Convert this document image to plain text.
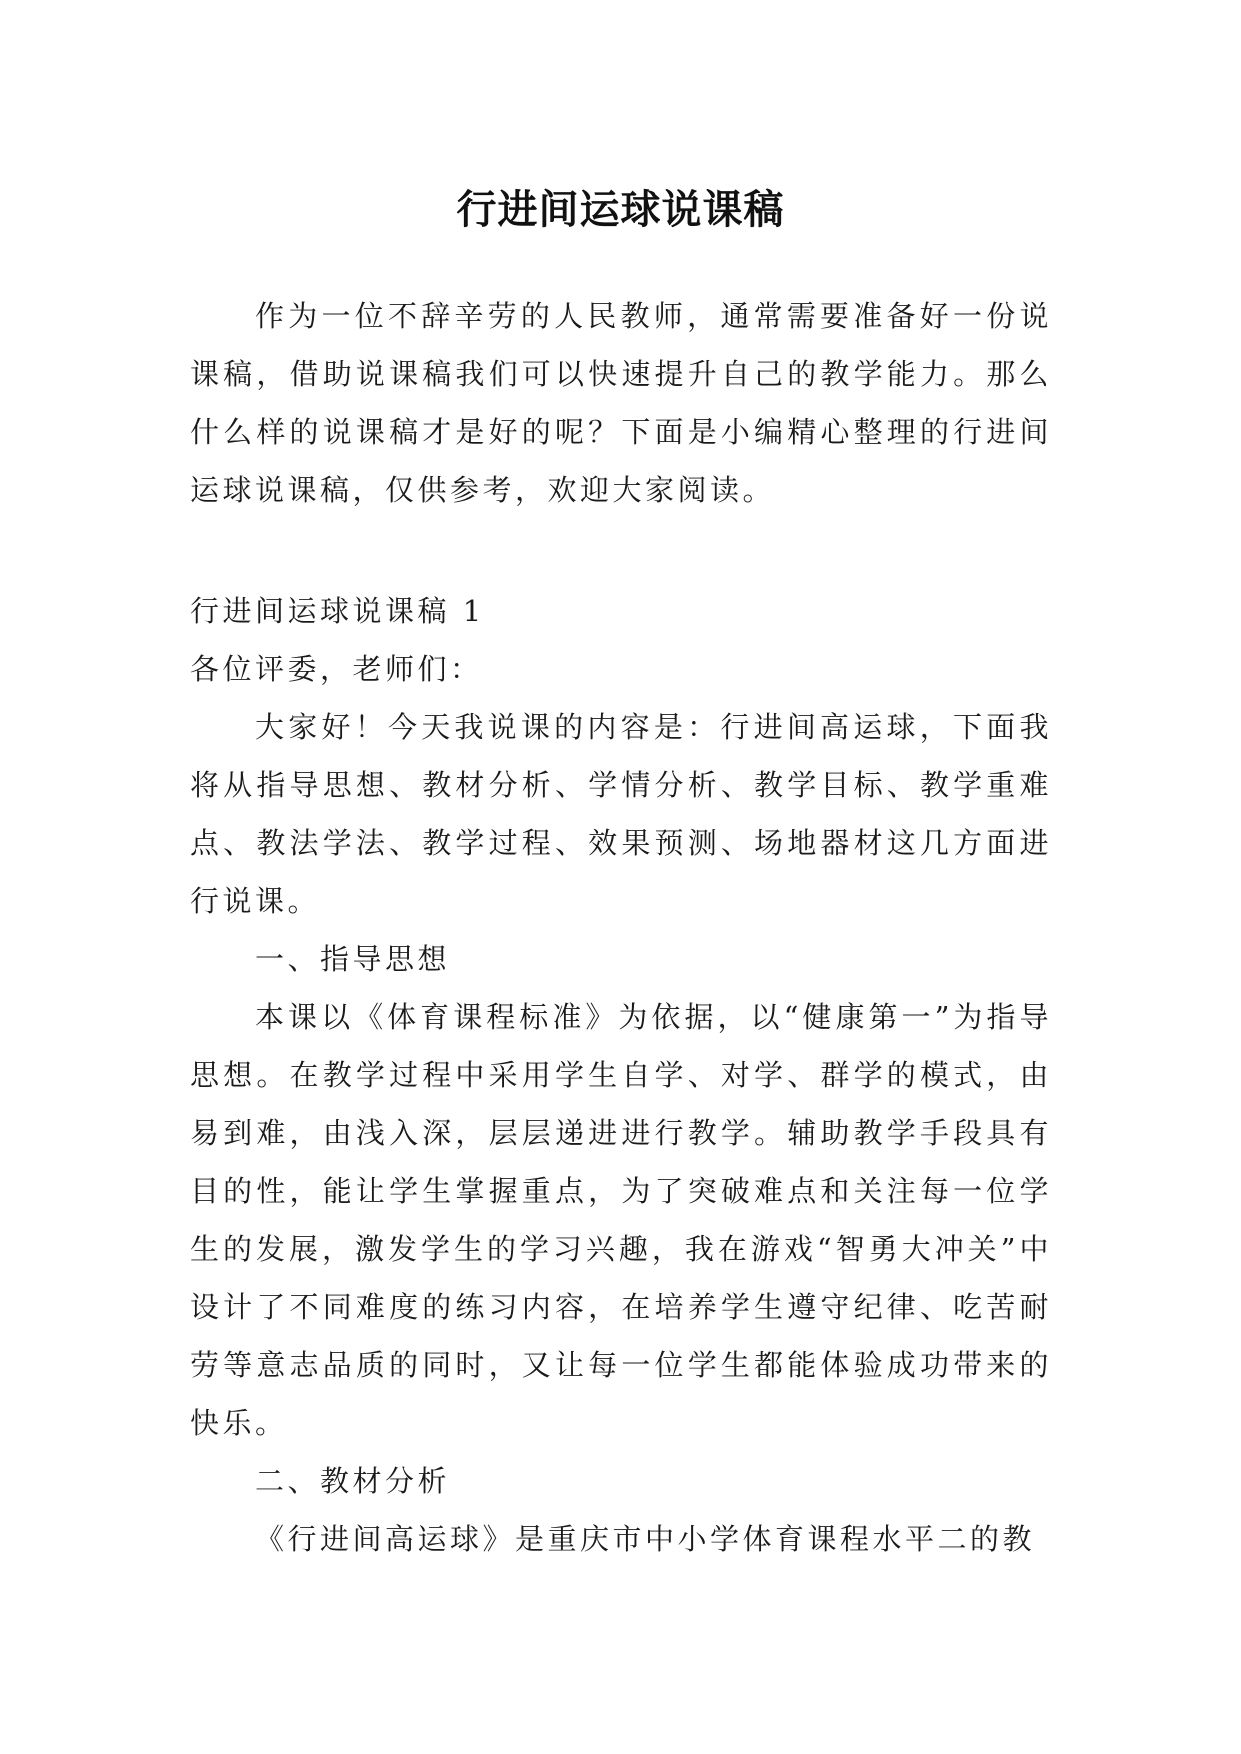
行进间运球说课稿

作为一位不辞辛劳的人民教师，通常需要准备好一份说课稿，借助说课稿我们可以快速提升自己的教学能力。那么什么样的说课稿才是好的呢？下面是小编精心整理的行进间运球说课稿，仅供参考，欢迎大家阅读。

行进间运球说课稿 1

各位评委，老师们：

大家好！今天我说课的内容是：行进间高运球，下面我将从指导思想、教材分析、学情分析、教学目标、教学重难点、教法学法、教学过程、效果预测、场地器材这几方面进行说课。

一、指导思想

本课以《体育课程标准》为依据，以“健康第一”为指导思想。在教学过程中采用学生自学、对学、群学的模式，由易到难，由浅入深，层层递进进行教学。辅助教学手段具有目的性，能让学生掌握重点，为了突破难点和关注每一位学生的发展，激发学生的学习兴趣，我在游戏“智勇大冲关”中设计了不同难度的练习内容，在培养学生遵守纪律、吃苦耐劳等意志品质的同时，又让每一位学生都能体验成功带来的快乐。

二、教材分析

《行进间高运球》是重庆市中小学体育课程水平二的教
